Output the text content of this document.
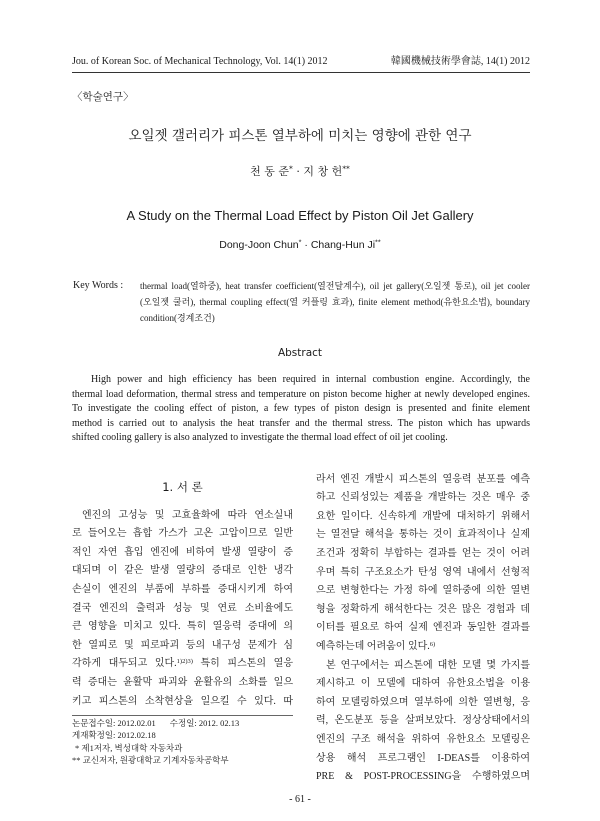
Jou. of Korean Soc. of Mechanical Technology, Vol. 14(1) 2012	韓國機械技術學會誌, 14(1) 2012
〈학술연구〉
오일젯 갤러리가 피스톤 열부하에 미치는 영향에 관한 연구
천 동 준* · 지 창 헌**
A Study on the Thermal Load Effect by Piston Oil Jet Gallery
Dong-Joon Chun* · Chang-Hun Ji**
Key Words : thermal load(열하중), heat transfer coefficient(열전달계수), oil jet gallery(오일젯 통로), oil jet cooler
(오일젯 쿨러), thermal coupling effect(열 커플링 효과), finite element method(유한요소법), boundary
condition(경계조건)
Abstract
High power and high efficiency has been required in internal combustion engine. Accordingly, the
thermal load deformation, thermal stress and temperature on piston become higher at newly developed engines.
To investigate the cooling effect of piston, a few types of piston design is presented and finite element
method is carried out to analysis the heat transfer and the thermal stress. The piston which has upwards
shifted cooling gallery is also analyzed to investigate the thermal load effect of oil jet cooling.
1. 서 론
엔진의 고성능 및 고효율화에 따라 연소실내
로 들어오는 흡합 가스가 고온 고압이므로 일반
적인 자연 흡입 엔진에 비하여 발생 열량이 증
대되며 이 같은 발생 열량의 증대로 인한 냉각
손실이 엔진의 부품에 부하를 증대시키게 하여
결국 엔진의 출력과 성능 및 연료 소비율에도
큰 영향을 미치고 있다. 특히 열응력 증대에 의
한 열피로 및 피로파괴 등의 내구성 문제가 심
각하게 대두되고 있다.$^{1)2)3)}$ 특히 피스톤의 열응
력 증대는 윤활막 파괴와 윤활유의 소화를 일으
키고 피스톤의 소착현상을 일으킬 수 있다. 따
논문접수일: 2012.02.01 수정일: 2012. 02.13
게재확정일: 2012.02.18
* 제1저자, 벽성대학 자동차과
** 교신저자, 원광대학교 기계자동차공학부
라서 엔진 개발시 피스톤의 열응력 분포를 예측
하고 신뢰성있는 제품을 개발하는 것은 매우 중
요한 일이다. 신속하게 개발에 대처하기 위해서
는 열전달 해석을 통하는 것이 효과적이나 실제
조건과 정확히 부합하는 결과를 얻는 것이 어려
우며 특히 구조요소가 탄성 영역 내에서 선형적
으로 변형한다는 가정 하에 열하중에 의한 열변
형을 정확하게 해석한다는 것은 많은 경험과 데
이터를 필요로 하여 실제 엔진과 동일한 결과를
예측하는데 어려움이 있다.$^{6)}$
본 연구에서는 피스톤에 대한 모델 몇 가지를
제시하고 이 모델에 대하여 유한요소법을 이용
하여 모델링하였으며 열부하에 의한 열변형, 응
력, 온도분포 등을 살펴보았다. 정상상태에서의
엔진의 구조 해석을 위하여 유한요소 모델링은
상용 해석 프로그램인 I-DEAS를 이용하여
PRE & POST-PROCESSING을 수행하였으며
- 61 -
